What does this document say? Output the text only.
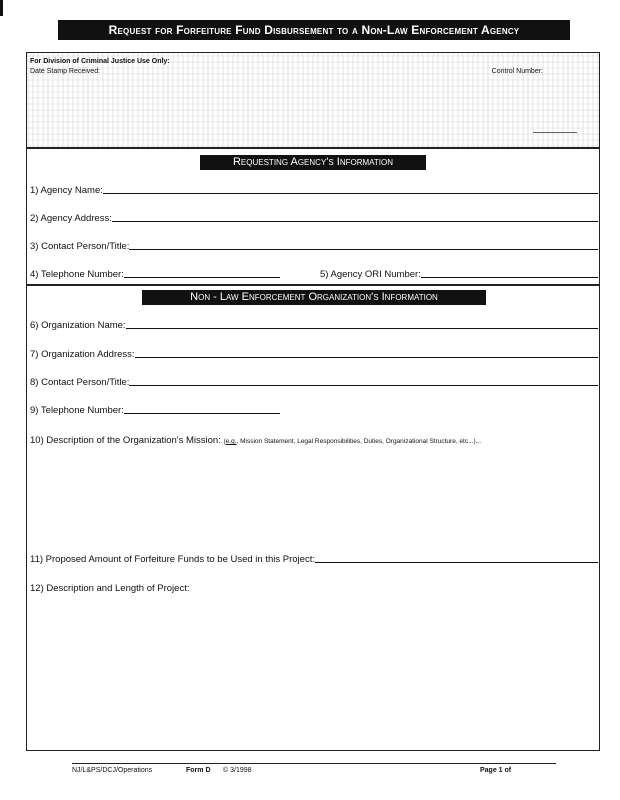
Request for Forfeiture Fund Disbursement to a Non-Law Enforcement Agency
For Division of Criminal Justice Use Only:
Date Stamp Received:	Control Number:
Requesting Agency's Information
1) Agency Name:
2) Agency Address:
3) Contact Person/Title:
4) Telephone Number:	5) Agency ORI Number:
Non - Law Enforcement Organization's Information
6) Organization Name:
7) Organization Address:
8) Contact Person/Title:
9) Telephone Number:
10) Description of the Organization's Mission: (e.g., Mission Statement, Legal Responsibilities, Duties, Organizational Structure, etc...)...
11) Proposed Amount of Forfeiture Funds to be Used in this Project:
12) Description and Length of Project:
NJ/L&PS/DCJ/Operations	Form D © 3/1998	Page 1 of
